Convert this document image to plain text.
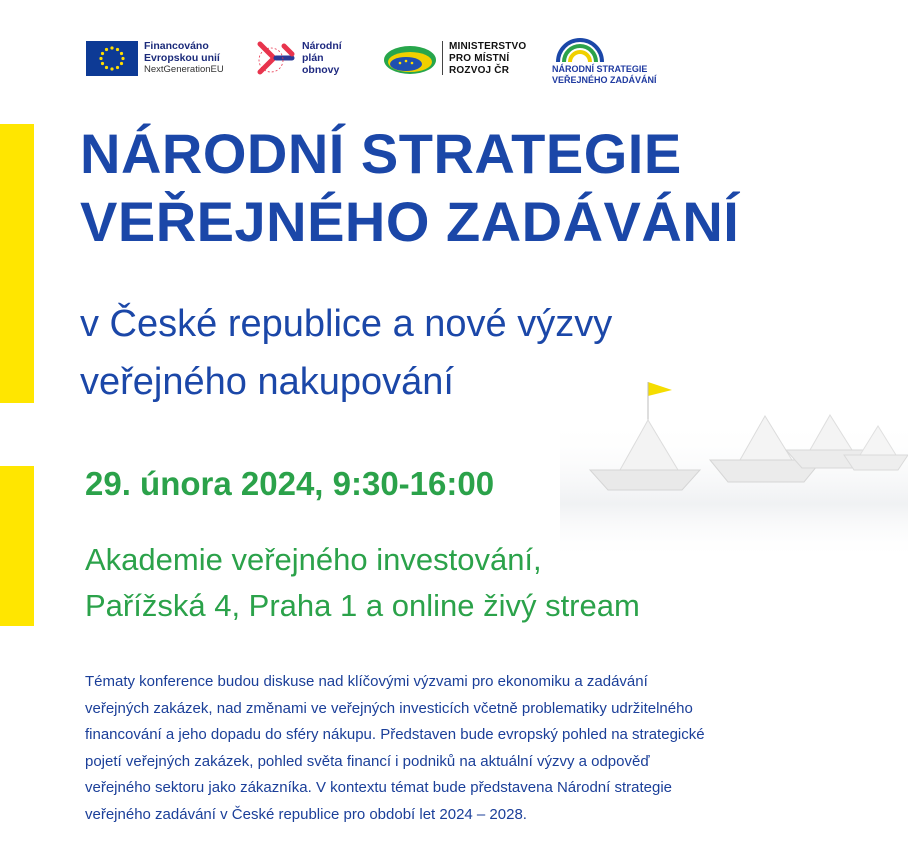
Financováno
Evropskou unií
NextGenerationEU
Národní
plán
obnovy
MINISTERSTVO
PRO MÍSTNÍ
ROZVOJ ČR	NÁRODNÍ STRATEGIE
VEŘEJNÉHO ZADÁVÁNÍ
NÁRODNÍ STRATEGIE
VEŘEJNÉHO ZADÁVÁNÍ
v České republice a nové výzvy
veřejného nakupování

29. února 2024, 9:30-16:00

Akademie veřejného investování,
Pařížská 4, Praha 1 a online živý stream
Tématy konference budou diskuse nad klíčovými výzvami pro ekonomiku a zadávání
veřejných zakázek, nad změnami ve veřejných investicích včetně problematiky udržitelného
financování a jeho dopadu do sféry nákupu. Představen bude evropský pohled na strategické
pojetí veřejných zakázek, pohled světa financí i podniků na aktuální výzvy a odpověď
veřejného sektoru jako zákazníka. V kontextu témat bude představena Národní strategie
veřejného zadávání v České republice pro období let 2024 – 2028.
